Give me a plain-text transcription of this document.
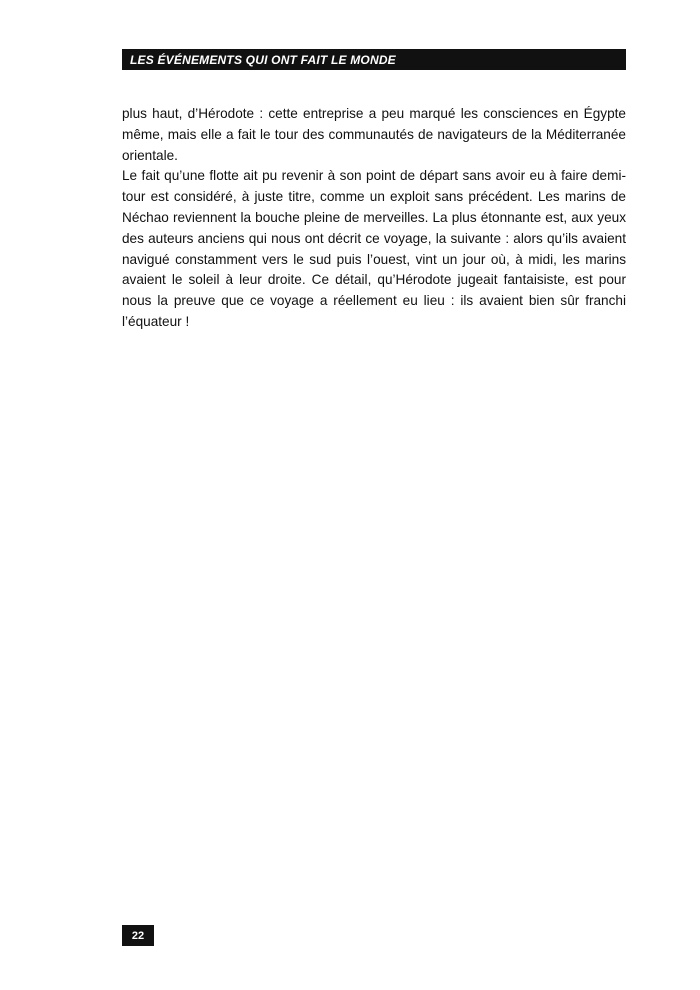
LES ÉVÉNEMENTS QUI ONT FAIT LE MONDE

plus haut, d’Hérodote : cette entreprise a peu marqué les consciences en Égypte même, mais elle a fait le tour des communautés de navigateurs de la Méditerranée orientale.

Le fait qu’une flotte ait pu revenir à son point de départ sans avoir eu à faire demi-tour est considéré, à juste titre, comme un exploit sans précédent. Les marins de Néchao reviennent la bouche pleine de merveilles. La plus étonnante est, aux yeux des auteurs anciens qui nous ont décrit ce voyage, la suivante : alors qu’ils avaient navigué constamment vers le sud puis l’ouest, vint un jour où, à midi, les marins avaient le soleil à leur droite. Ce détail, qu’Hérodote jugeait fantaisiste, est pour nous la preuve que ce voyage a réellement eu lieu : ils avaient bien sûr franchi l’équateur !

22
